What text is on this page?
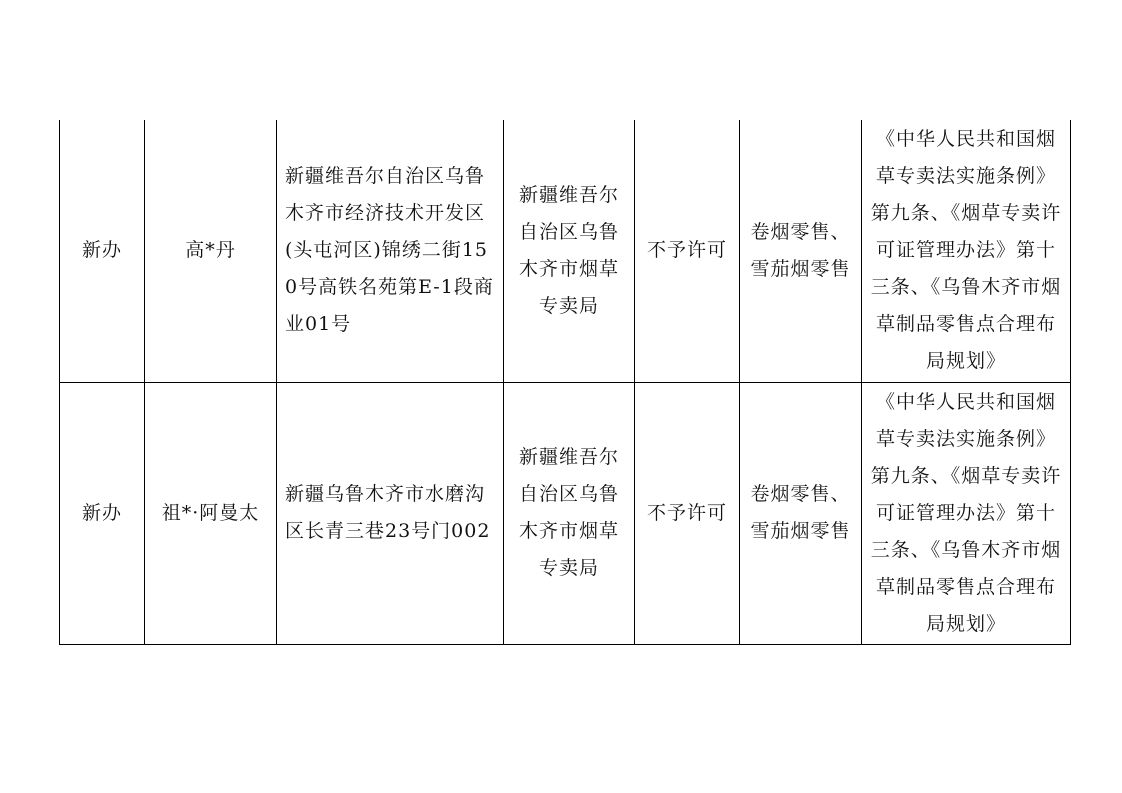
新办	高*丹	新疆维吾尔自治区乌鲁木齐市经济技术开发区(头屯河区)锦绣二街150号高铁名苑第E-1段商业01号	新疆维吾尔自治区乌鲁木齐市烟草专卖局	不予许可	卷烟零售、雪茄烟零售	《中华人民共和国烟草专卖法实施条例》第九条、《烟草专卖许可证管理办法》第十三条、《乌鲁木齐市烟草制品零售点合理布局规划》

新办	祖*·阿曼太	新疆乌鲁木齐市水磨沟区长青三巷23号门002	新疆维吾尔自治区乌鲁木齐市烟草专卖局	不予许可	卷烟零售、雪茄烟零售	《中华人民共和国烟草专卖法实施条例》第九条、《烟草专卖许可证管理办法》第十三条、《乌鲁木齐市烟草制品零售点合理布局规划》
